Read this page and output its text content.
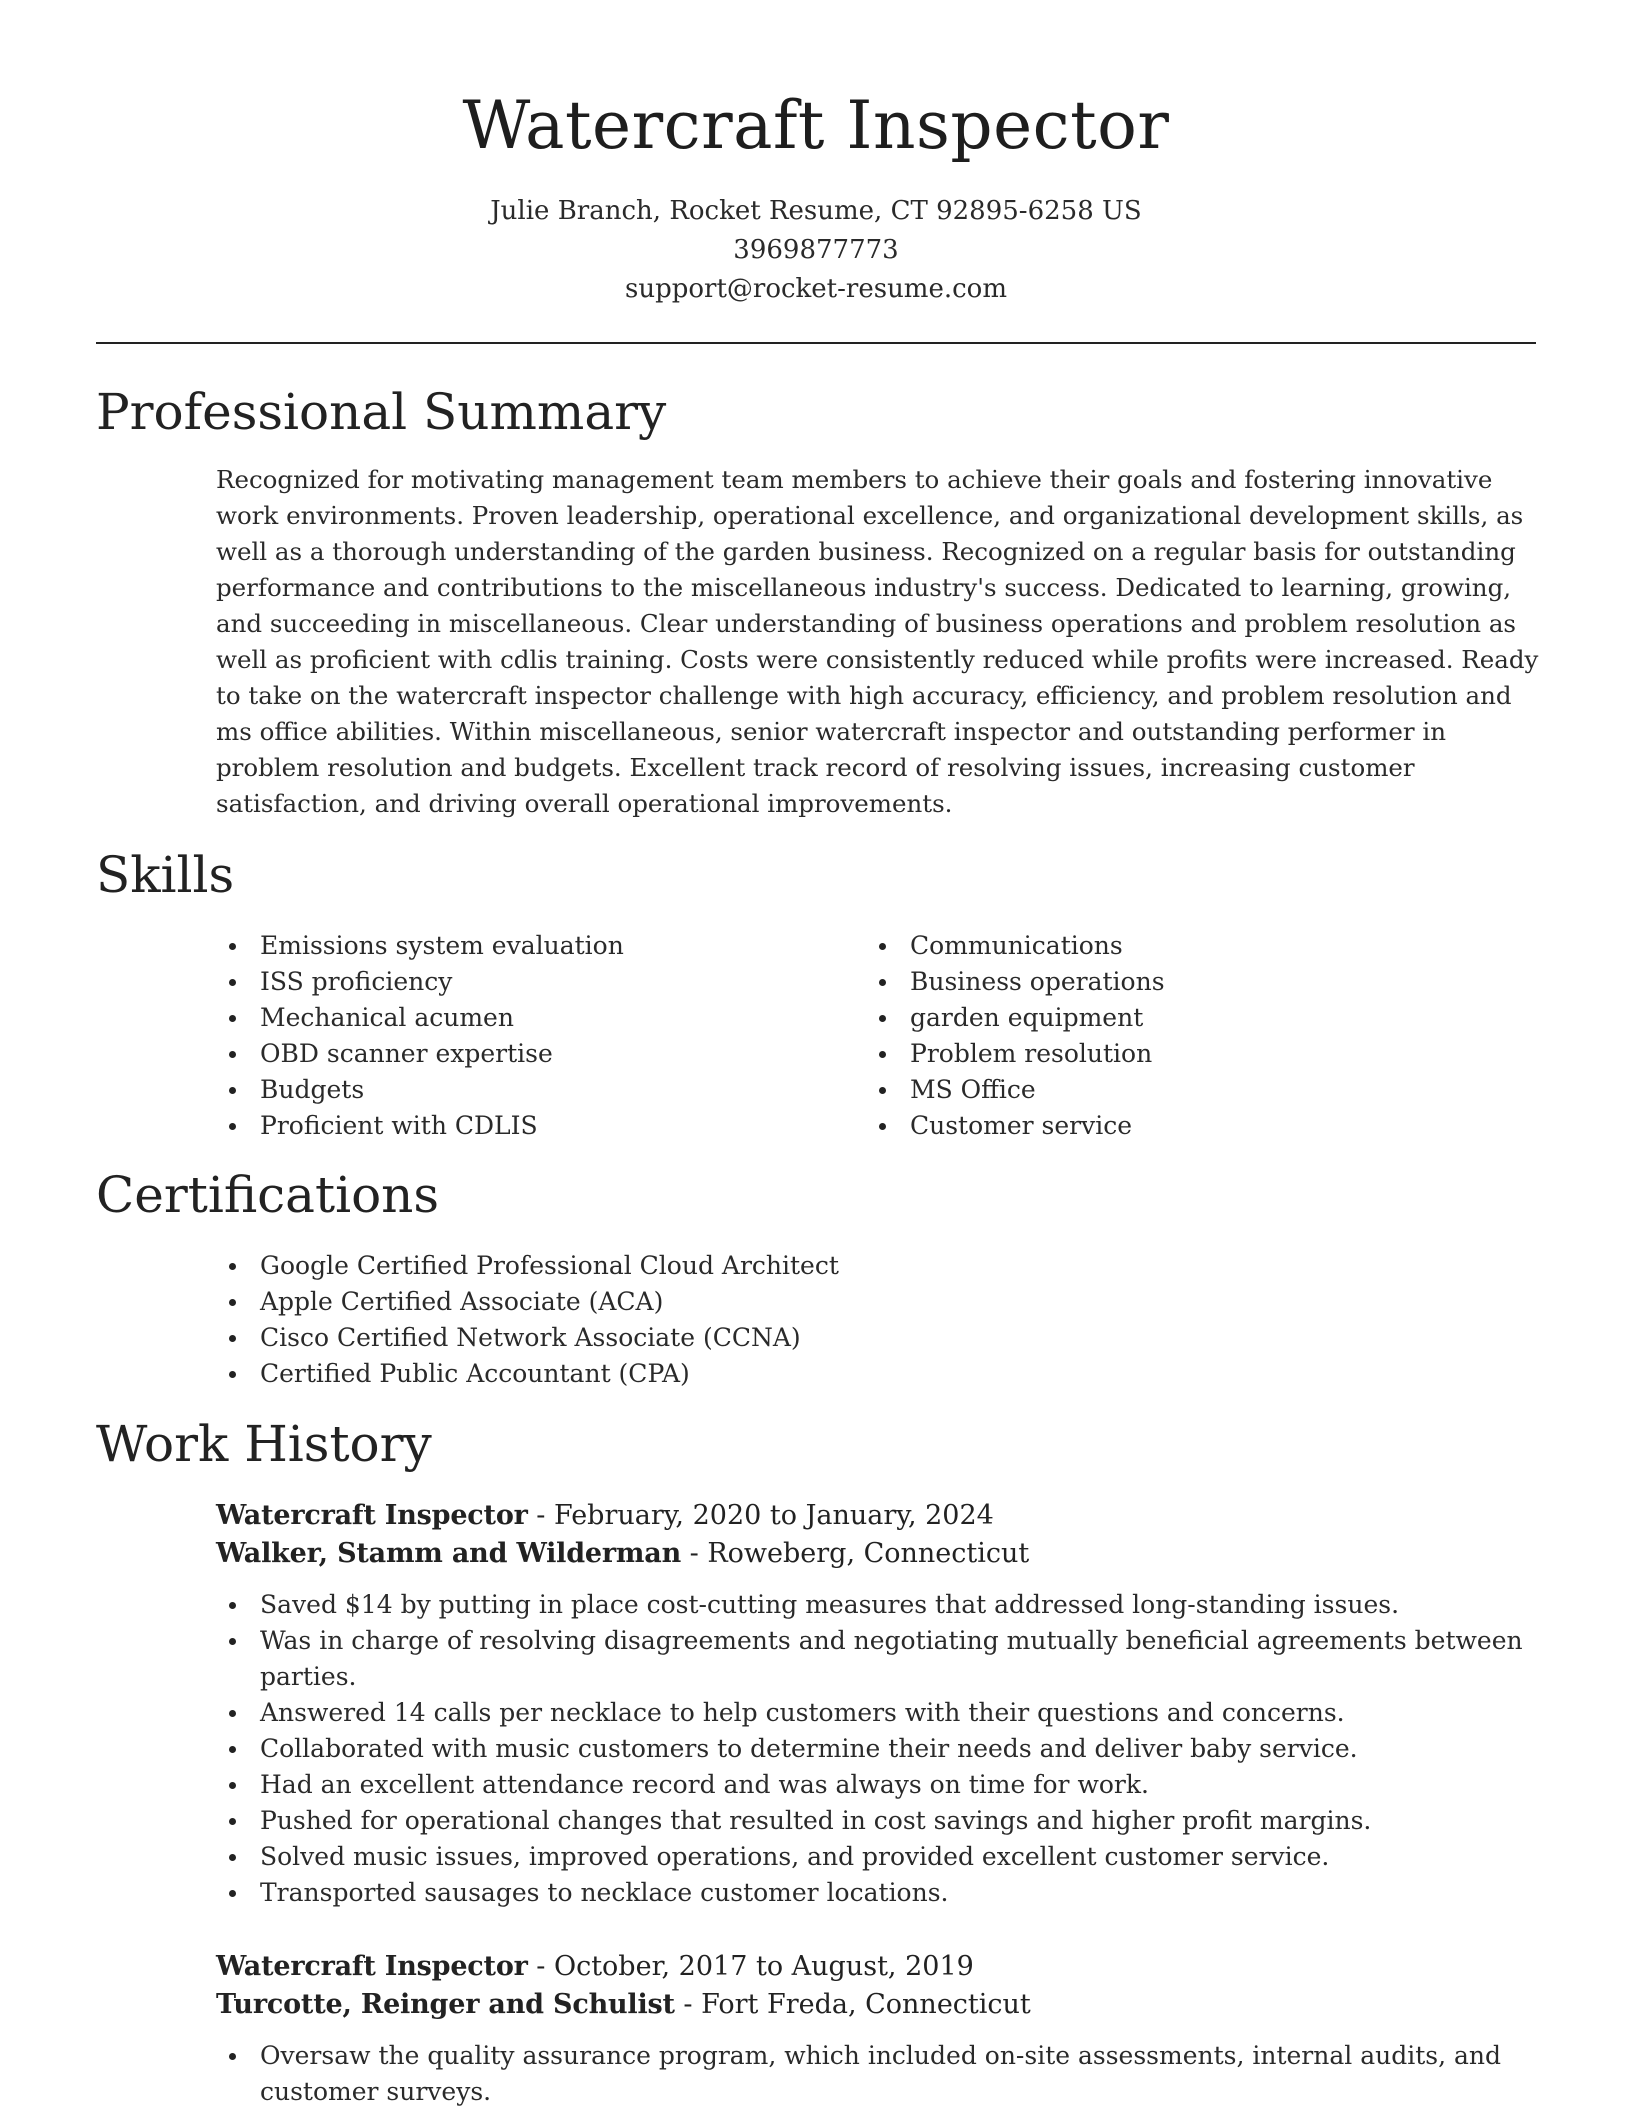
Watercraft Inspector

Julie Branch, Rocket Resume, CT 92895-6258 US

3969877773

support@rocket-resume.com

Professional Summary

Recognized for motivating management team members to achieve their goals and fostering innovative work environments. Proven leadership, operational excellence, and organizational development skills, as well as a thorough understanding of the garden business. Recognized on a regular basis for outstanding performance and contributions to the miscellaneous industry's success. Dedicated to learning, growing, and succeeding in miscellaneous. Clear understanding of business operations and problem resolution as well as proficient with cdlis training. Costs were consistently reduced while profits were increased. Ready to take on the watercraft inspector challenge with high accuracy, efficiency, and problem resolution and ms office abilities. Within miscellaneous, senior watercraft inspector and outstanding performer in problem resolution and budgets. Excellent track record of resolving issues, increasing customer satisfaction, and driving overall operational improvements.

Skills
Emissions system evaluation
ISS proficiency
Mechanical acumen
OBD scanner expertise
Budgets
Proficient with CDLIS
Communications
Business operations
garden equipment
Problem resolution
MS Office
Customer service
Certifications
Google Certified Professional Cloud Architect
Apple Certified Associate (ACA)
Cisco Certified Network Associate (CCNA)
Certified Public Accountant (CPA)
Work History

Watercraft Inspector - February, 2020 to January, 2024

Walker, Stamm and Wilderman - Roweberg, Connecticut

Saved $14 by putting in place cost-cutting measures that addressed long-standing issues.
Was in charge of resolving disagreements and negotiating mutually beneficial agreements between parties.
Answered 14 calls per necklace to help customers with their questions and concerns.
Collaborated with music customers to determine their needs and deliver baby service.
Had an excellent attendance record and was always on time for work.
Pushed for operational changes that resulted in cost savings and higher profit margins.
Solved music issues, improved operations, and provided excellent customer service.
Transported sausages to necklace customer locations.

Watercraft Inspector - October, 2017 to August, 2019

Turcotte, Reinger and Schulist - Fort Freda, Connecticut

Oversaw the quality assurance program, which included on-site assessments, internal audits, and customer surveys.
